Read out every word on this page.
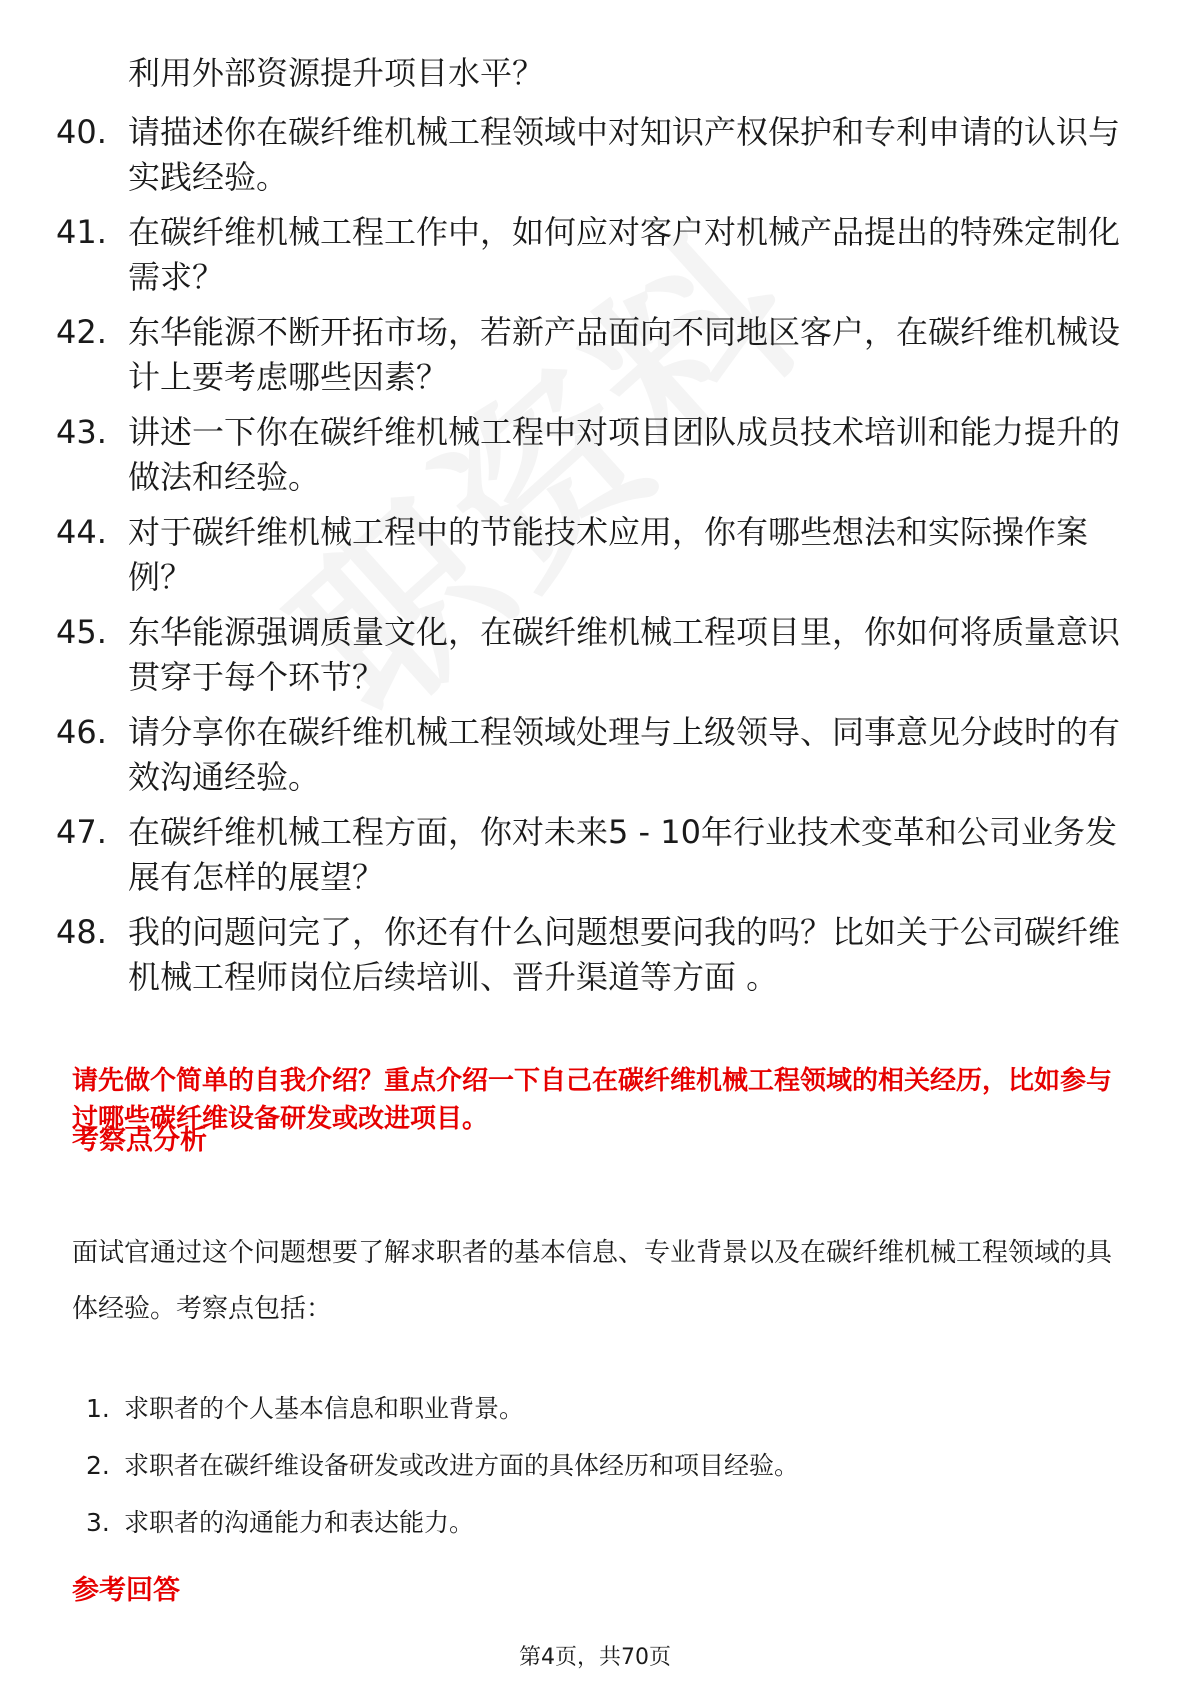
利用外部资源提升项目水平？
40. 请描述你在碳纤维机械工程领域中对知识产权保护和专利申请的认识与实践经验。
41. 在碳纤维机械工程工作中，如何应对客户对机械产品提出的特殊定制化需求？
42. 东华能源不断开拓市场，若新产品面向不同地区客户，在碳纤维机械设计上要考虑哪些因素？
43. 讲述一下你在碳纤维机械工程中对项目团队成员技术培训和能力提升的做法和经验。
44. 对于碳纤维机械工程中的节能技术应用，你有哪些想法和实际操作案例？
45. 东华能源强调质量文化，在碳纤维机械工程项目里，你如何将质量意识贯穿于每个环节？
46. 请分享你在碳纤维机械工程领域处理与上级领导、同事意见分歧时的有效沟通经验。
47. 在碳纤维机械工程方面，你对未来5 - 10年行业技术变革和公司业务发展有怎样的展望？
48. 我的问题问完了，你还有什么问题想要问我的吗？比如关于公司碳纤维机械工程师岗位后续培训、晋升渠道等方面 。

请先做个简单的自我介绍？重点介绍一下自己在碳纤维机械工程领域的相关经历，比如参与过哪些碳纤维设备研发或改进项目。

考察点分析

面试官通过这个问题想要了解求职者的基本信息、专业背景以及在碳纤维机械工程领域的具体经验。考察点包括：

1. 求职者的个人基本信息和职业背景。
2. 求职者在碳纤维设备研发或改进方面的具体经历和项目经验。
3. 求职者的沟通能力和表达能力。
参考回答
第4页，共70页
